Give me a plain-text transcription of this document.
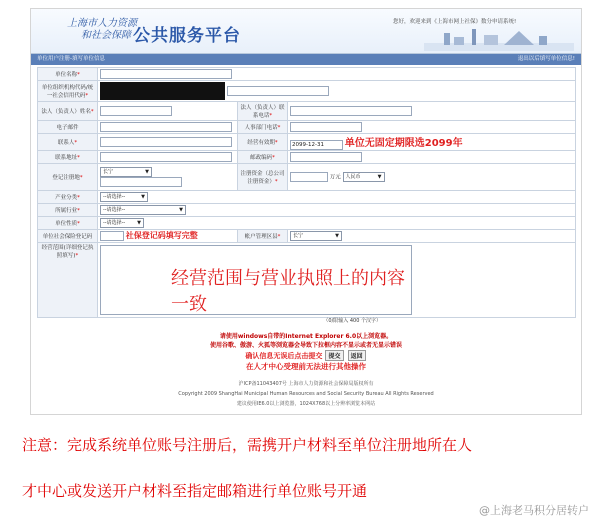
上海市人力资源
和社会保障 公共服务平台
您好，欢迎来到《上海市网上社保》数分申请系统!
单位用户注册-填写单位信息	退出以后填写单位信息!
单位名称*			
单位组织机构代码/统一社会信用代码*			
法人（负责人）姓名*		法人（负责人）联系电话*	
电子邮件		人事部门电话*	
联系人*		经营有效期*	2099-12-31 单位无固定期限选2099年
联系地址*		邮政编码*	
登记注册地*	长宁 ▼	注册资金（总公司注册资金）*	万元 人民币 ▼

产业分类*	--请选择-- ▼		

所属行业*	--请选择-- ▼		

单位性质*	--请选择-- ▼		

单位社会保险登记码	社保登记码填写完整	帐户管理区县*	长宁 ▼

经营范围(详细登记执照填写)*	经营范围与营业执照上的内容一致
（0/限输入 400 个汉字）		
请使用windows自带的Internet Explorer 6.0以上浏览器。
使用谷歌、傲游、火狐等浏览器会导致下拉框内容不显示或者无显示错误
确认信息无误后点击提交 提交 返回
在人才中心受理前无法进行其他操作
沪ICP备11043407号 上海市人力资源和社会保障局版权所有
Copyright 2009 ShangHai Municipal Human Resources and Social Security Bureau All Rights Reserved
建议使用IE6.0以上浏览器，1024X768以上分辨率浏览本网站
注意：完成系统单位账号注册后，需携开户材料至单位注册地所在人
才中心或发送开户材料至指定邮箱进行单位账号开通
@上海老马积分居转户
